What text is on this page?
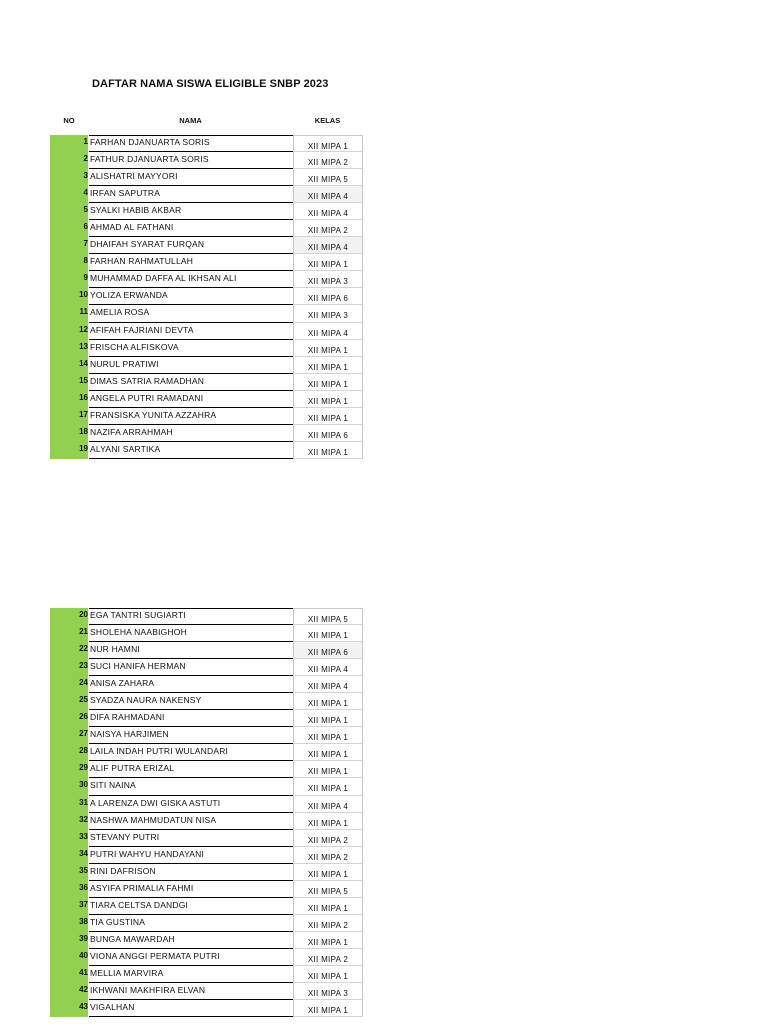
DAFTAR NAMA SISWA ELIGIBLE SNBP 2023
NO	NAMA	KELAS
1 FARHAN DJANUARTA SORIS	XII MIPA 1
2 FATHUR DJANUARTA SORIS	XII MIPA 2
3 ALISHATRI MAYYORI	XII MIPA 5
4 IRFAN SAPUTRA	XII MIPA 4
5 SYALKI HABIB AKBAR	XII MIPA 4
6 AHMAD AL FATHANI	XII MIPA 2
7 DHAIFAH SYARAT FURQAN	XII MIPA 4
8 FARHAN RAHMATULLAH	XII MIPA 1
9 MUHAMMAD DAFFA AL IKHSAN ALI	XII MIPA 3
10 YOLIZA ERWANDA	XII MIPA 6
11 AMELIA ROSA	XII MIPA 3
12 AFIFAH FAJRIANI DEVTA	XII MIPA 4
13 FRISCHA ALFISKOVA	XII MIPA 1
14 NURUL PRATIWI	XII MIPA 1
15 DIMAS SATRIA RAMADHAN	XII MIPA 1
16 ANGELA PUTRI RAMADANI	XII MIPA 1
17 FRANSISKA YUNITA AZZAHRA	XII MIPA 1
18 NAZIFA ARRAHMAH	XII MIPA 6
19 ALYANI SARTIKA	XII MIPA 1
20 EGA TANTRI SUGIARTI	XII MIPA 5
21 SHOLEHA NAABIGHOH	XII MIPA 1
22 NUR HAMNI	XII MIPA 6
23 SUCI HANIFA HERMAN	XII MIPA 4
24 ANISA ZAHARA	XII MIPA 4
25 SYADZA NAURA NAKENSY	XII MIPA 1
26 DIFA RAHMADANI	XII MIPA 1
27 NAISYA HARJIMEN	XII MIPA 1
28 LAILA INDAH PUTRI WULANDARI	XII MIPA 1
29 ALIF PUTRA ERIZAL	XII MIPA 1
30 SITI NAINA	XII MIPA 1
31 A LARENZA DWI GISKA ASTUTI	XII MIPA 4
32 NASHWA MAHMUDATUN NISA	XII MIPA 1
33 STEVANY PUTRI	XII MIPA 2
34 PUTRI WAHYU HANDAYANI	XII MIPA 2
35 RINI DAFRISON	XII MIPA 1
36 ASYIFA PRIMALIA FAHMI	XII MIPA 5
37 TIARA CELTSA DANDGI	XII MIPA 1
38 TIA GUSTINA	XII MIPA 2
39 BUNGA MAWARDAH	XII MIPA 1
40 VIONA ANGGI PERMATA PUTRI	XII MIPA 2
41 MELLIA MARVIRA	XII MIPA 1
42 IKHWANI MAKHFIRA ELVAN	XII MIPA 3
43 VIGALHAN	XII MIPA 1
